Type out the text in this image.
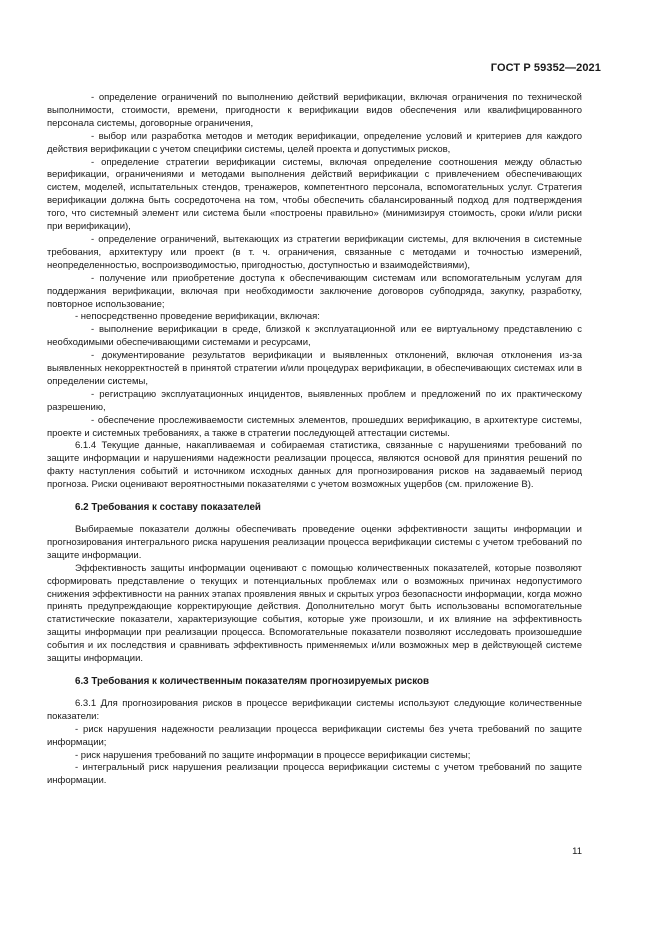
ГОСТ Р 59352—2021

- определение ограничений по выполнению действий верификации, включая ограничения по технической выполнимости, стоимости, времени, пригодности к верификации видов обеспечения или квалифицированного персонала системы, договорные ограничения,

- выбор или разработка методов и методик верификации, определение условий и критериев для каждого действия верификации с учетом специфики системы, целей проекта и допустимых рисков,

- определение стратегии верификации системы, включая определение соотношения между областью верификации, ограничениями и методами выполнения действий верификации с привлечением обеспечивающих систем, моделей, испытательных стендов, тренажеров, компетентного персонала, вспомогательных услуг. Стратегия верификации должна быть сосредоточена на том, чтобы обеспечить сбалансированный подход для подтверждения того, что системный элемент или система были «построены правильно» (минимизируя стоимость, сроки и/или риски при верификации),

- определение ограничений, вытекающих из стратегии верификации системы, для включения в системные требования, архитектуру или проект (в т. ч. ограничения, связанные с методами и точностью измерений, неопределенностью, воспроизводимостью, пригодностью, доступностью и взаимодействиями),

- получение или приобретение доступа к обеспечивающим системам или вспомогательным услугам для поддержания верификации, включая при необходимости заключение договоров субподряда, закупку, разработку, повторное использование;

- непосредственно проведение верификации, включая:

- выполнение верификации в среде, близкой к эксплуатационной или ее виртуальному представлению с необходимыми обеспечивающими системами и ресурсами,

- документирование результатов верификации и выявленных отклонений, включая отклонения из-за выявленных некорректностей в принятой стратегии и/или процедурах верификации, в обеспечивающих системах или в определении системы,

- регистрацию эксплуатационных инцидентов, выявленных проблем и предложений по их практическому разрешению,

- обеспечение прослеживаемости системных элементов, прошедших верификацию, в архитектуре системы, проекте и системных требованиях, а также в стратегии последующей аттестации системы.

6.1.4 Текущие данные, накапливаемая и собираемая статистика, связанные с нарушениями требований по защите информации и нарушениями надежности реализации процесса, являются основой для принятия решений по факту наступления событий и источником исходных данных для прогнозирования рисков на задаваемый период прогноза. Риски оценивают вероятностными показателями с учетом возможных ущербов (см. приложение В).

6.2 Требования к составу показателей

Выбираемые показатели должны обеспечивать проведение оценки эффективности защиты информации и прогнозирования интегрального риска нарушения реализации процесса верификации системы с учетом требований по защите информации.

Эффективность защиты информации оценивают с помощью количественных показателей, которые позволяют сформировать представление о текущих и потенциальных проблемах или о возможных причинах недопустимого снижения эффективности на ранних этапах проявления явных и скрытых угроз безопасности информации, когда можно принять предупреждающие корректирующие действия. Дополнительно могут быть использованы вспомогательные статистические показатели, характеризующие события, которые уже произошли, и их влияние на эффективность защиты информации при реализации процесса. Вспомогательные показатели позволяют исследовать произошедшие события и их последствия и сравнивать эффективность применяемых и/или возможных мер в действующей системе защиты информации.

6.3 Требования к количественным показателям прогнозируемых рисков

6.3.1 Для прогнозирования рисков в процессе верификации системы используют следующие количественные показатели:

- риск нарушения надежности реализации процесса верификации системы без учета требований по защите информации;

- риск нарушения требований по защите информации в процессе верификации системы;

- интегральный риск нарушения реализации процесса верификации системы с учетом требований по защите информации.

11
